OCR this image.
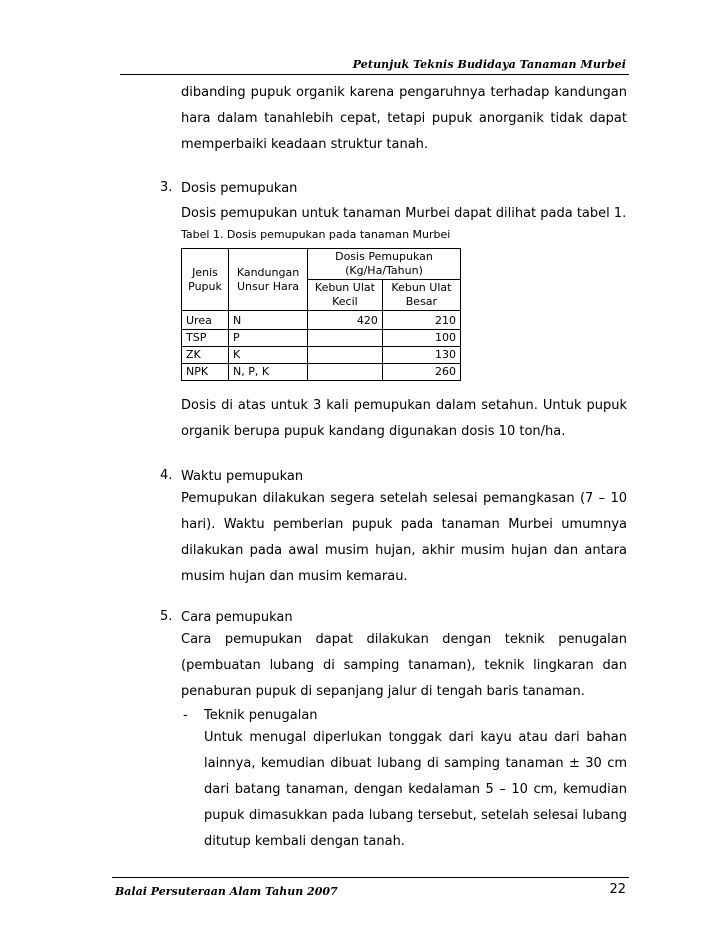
Petunjuk Teknis Budidaya Tanaman Murbei
dibanding pupuk organik karena pengaruhnya terhadap kandungan hara dalam tanahlebih cepat, tetapi pupuk anorganik tidak dapat memperbaiki keadaan struktur tanah.
3. Dosis pemupukan
Dosis pemupukan untuk tanaman Murbei dapat dilihat pada tabel 1.
Tabel 1. Dosis pemupukan pada tanaman Murbei
Jenis Pupuk	Kandungan Unsur Hara	Dosis Pemupukan (Kg/Ha/Tahun)	
		Kebun Ulat Kecil	Kebun Ulat Besar
Urea	N	420	210
TSP	P		100
ZK	K		130
NPK	N, P, K		260
Dosis di atas untuk 3 kali pemupukan dalam setahun. Untuk pupuk organik berupa pupuk kandang digunakan dosis 10 ton/ha.
4. Waktu pemupukan
Pemupukan dilakukan segera setelah selesai pemangkasan (7 – 10 hari). Waktu pemberian pupuk pada tanaman Murbei umumnya dilakukan pada awal musim hujan, akhir musim hujan dan antara musim hujan dan musim kemarau.
5. Cara pemupukan
Cara pemupukan dapat dilakukan dengan teknik penugalan (pembuatan lubang di samping tanaman), teknik lingkaran dan penaburan pupuk di sepanjang jalur di tengah baris tanaman.
- Teknik penugalan
Untuk menugal diperlukan tonggak dari kayu atau dari bahan lainnya, kemudian dibuat lubang di samping tanaman ± 30 cm dari batang tanaman, dengan kedalaman 5 – 10 cm, kemudian pupuk dimasukkan pada lubang tersebut, setelah selesai lubang ditutup kembali dengan tanah.
Balai Persuteraan Alam Tahun 2007	22
